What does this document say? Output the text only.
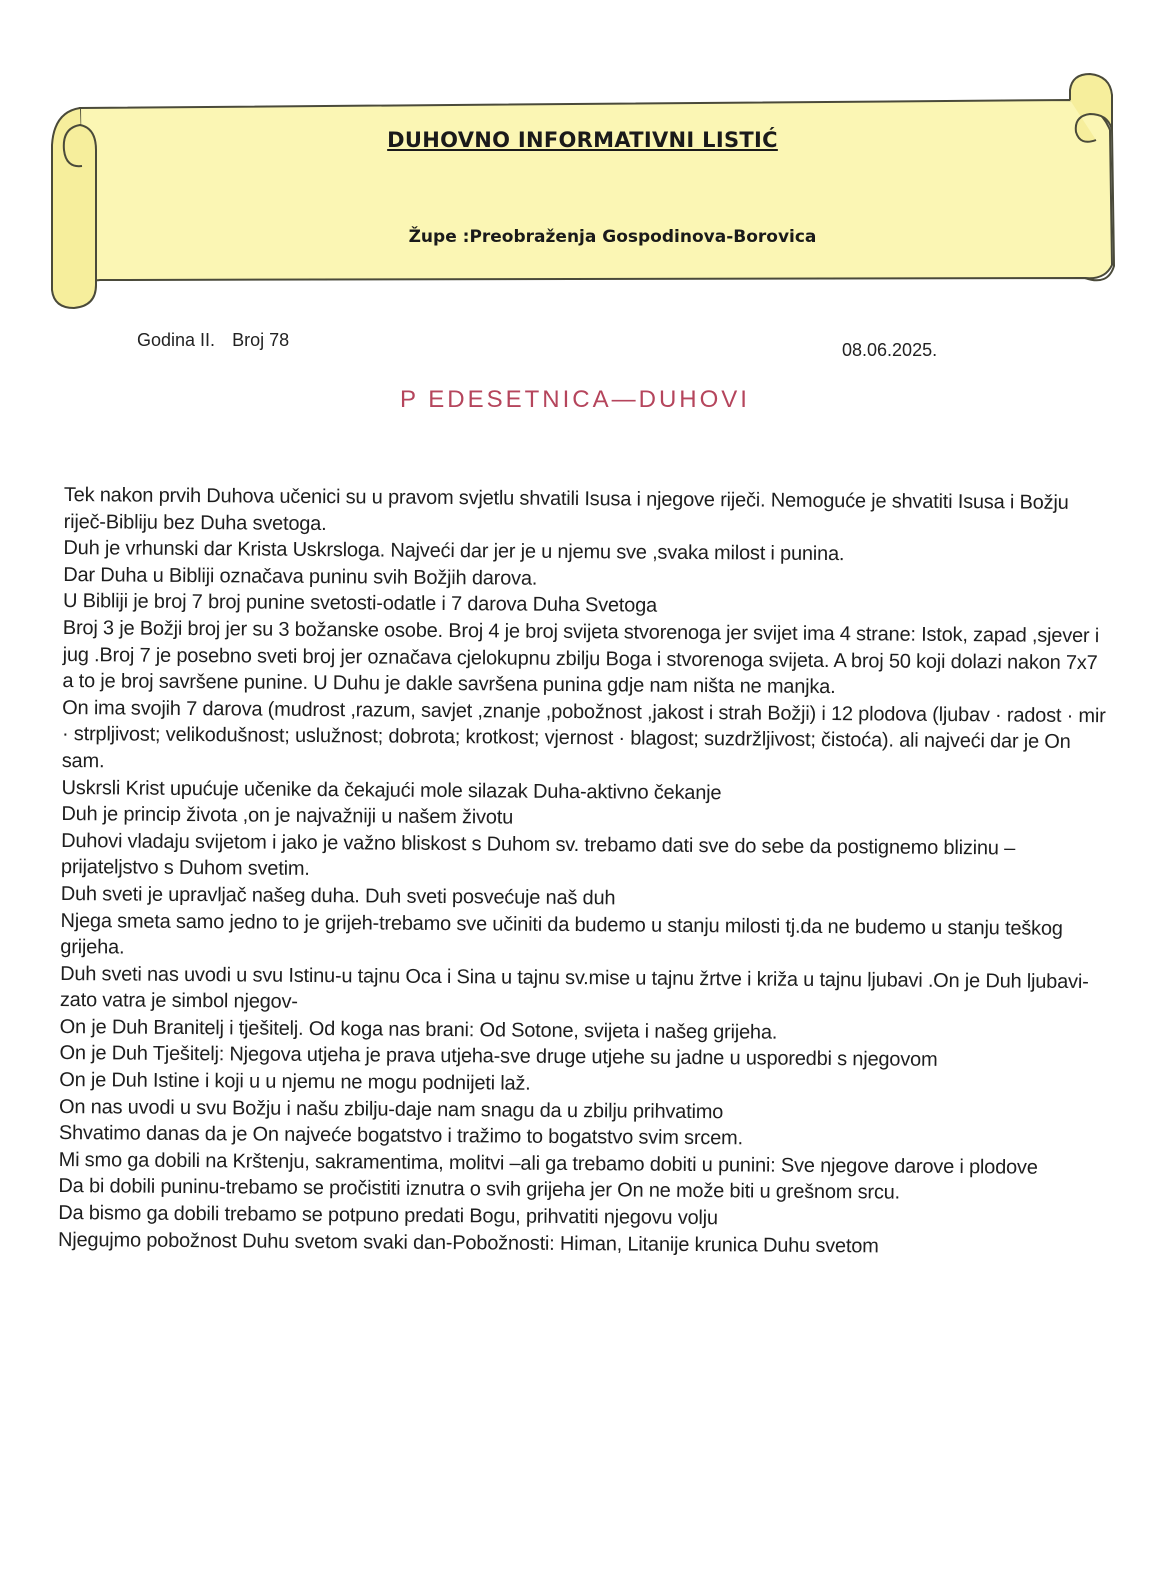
DUHOVNO INFORMATIVNI LISTIĆ
Župe :Preobraženja Gospodinova-Borovica
Godina II. Broj 78	08.06.2025.
P EDESETNICA—DUHOVI

Tek nakon prvih Duhova učenici su u pravom svjetlu shvatili Isusa i njegove riječi. Nemoguće je shvatiti Isusa i Božju riječ-Bibliju bez Duha svetoga.

Duh je vrhunski dar Krista Uskrsloga. Najveći dar jer je u njemu sve ,svaka milost i punina.

Dar Duha u Bibliji označava puninu svih Božjih darova.

U Bibliji je broj 7 broj punine svetosti-odatle i 7 darova Duha Svetoga

Broj 3 je Božji broj jer su 3 božanske osobe. Broj 4 je broj svijeta stvorenoga jer svijet ima 4 strane: Istok, zapad ,sjever i jug .Broj 7 je posebno sveti broj jer označava cjelokupnu zbilju Boga i stvorenoga svijeta. A broj 50 koji dolazi nakon 7x7 a to je broj savršene punine. U Duhu je dakle savršena punina gdje nam ništa ne manjka.

On ima svojih 7 darova (mudrost ,razum, savjet ,znanje ,pobožnost ,jakost i strah Božji) i 12 plodova (ljubav · radost · mir · strpljivost; velikodušnost; uslužnost; dobrota; krotkost; vjernost · blagost; suzdržljivost; čistoća). ali najveći dar je On sam.

Uskrsli Krist upućuje učenike da čekajući mole silazak Duha-aktivno čekanje

Duh je princip života ,on je najvažniji u našem životu

Duhovi vladaju svijetom i jako je važno bliskost s Duhom sv. trebamo dati sve do sebe da postignemo blizinu –prijateljstvo s Duhom svetim.

Duh sveti je upravljač našeg duha. Duh sveti posvećuje naš duh

Njega smeta samo jedno to je grijeh-trebamo sve učiniti da budemo u stanju milosti tj.da ne budemo u stanju teškog grijeha.

Duh sveti nas uvodi u svu Istinu-u tajnu Oca i Sina u tajnu sv.mise u tajnu žrtve i križa u tajnu ljubavi .On je Duh ljubavi-zato vatra je simbol njegov-

On je Duh Branitelj i tješitelj. Od koga nas brani: Od Sotone, svijeta i našeg grijeha.

On je Duh Tješitelj: Njegova utjeha je prava utjeha-sve druge utjehe su jadne u usporedbi s njegovom

On je Duh Istine i koji u u njemu ne mogu podnijeti laž.

On nas uvodi u svu Božju i našu zbilju-daje nam snagu da u zbilju prihvatimo

Shvatimo danas da je On najveće bogatstvo i tražimo to bogatstvo svim srcem.

Mi smo ga dobili na Krštenju, sakramentima, molitvi –ali ga trebamo dobiti u punini: Sve njegove darove i plodove

Da bi dobili puninu-trebamo se pročistiti iznutra o svih grijeha jer On ne može biti u grešnom srcu.

Da bismo ga dobili trebamo se potpuno predati Bogu, prihvatiti njegovu volju

Njegujmo pobožnost Duhu svetom svaki dan-Pobožnosti: Himan, Litanije krunica Duhu svetom
